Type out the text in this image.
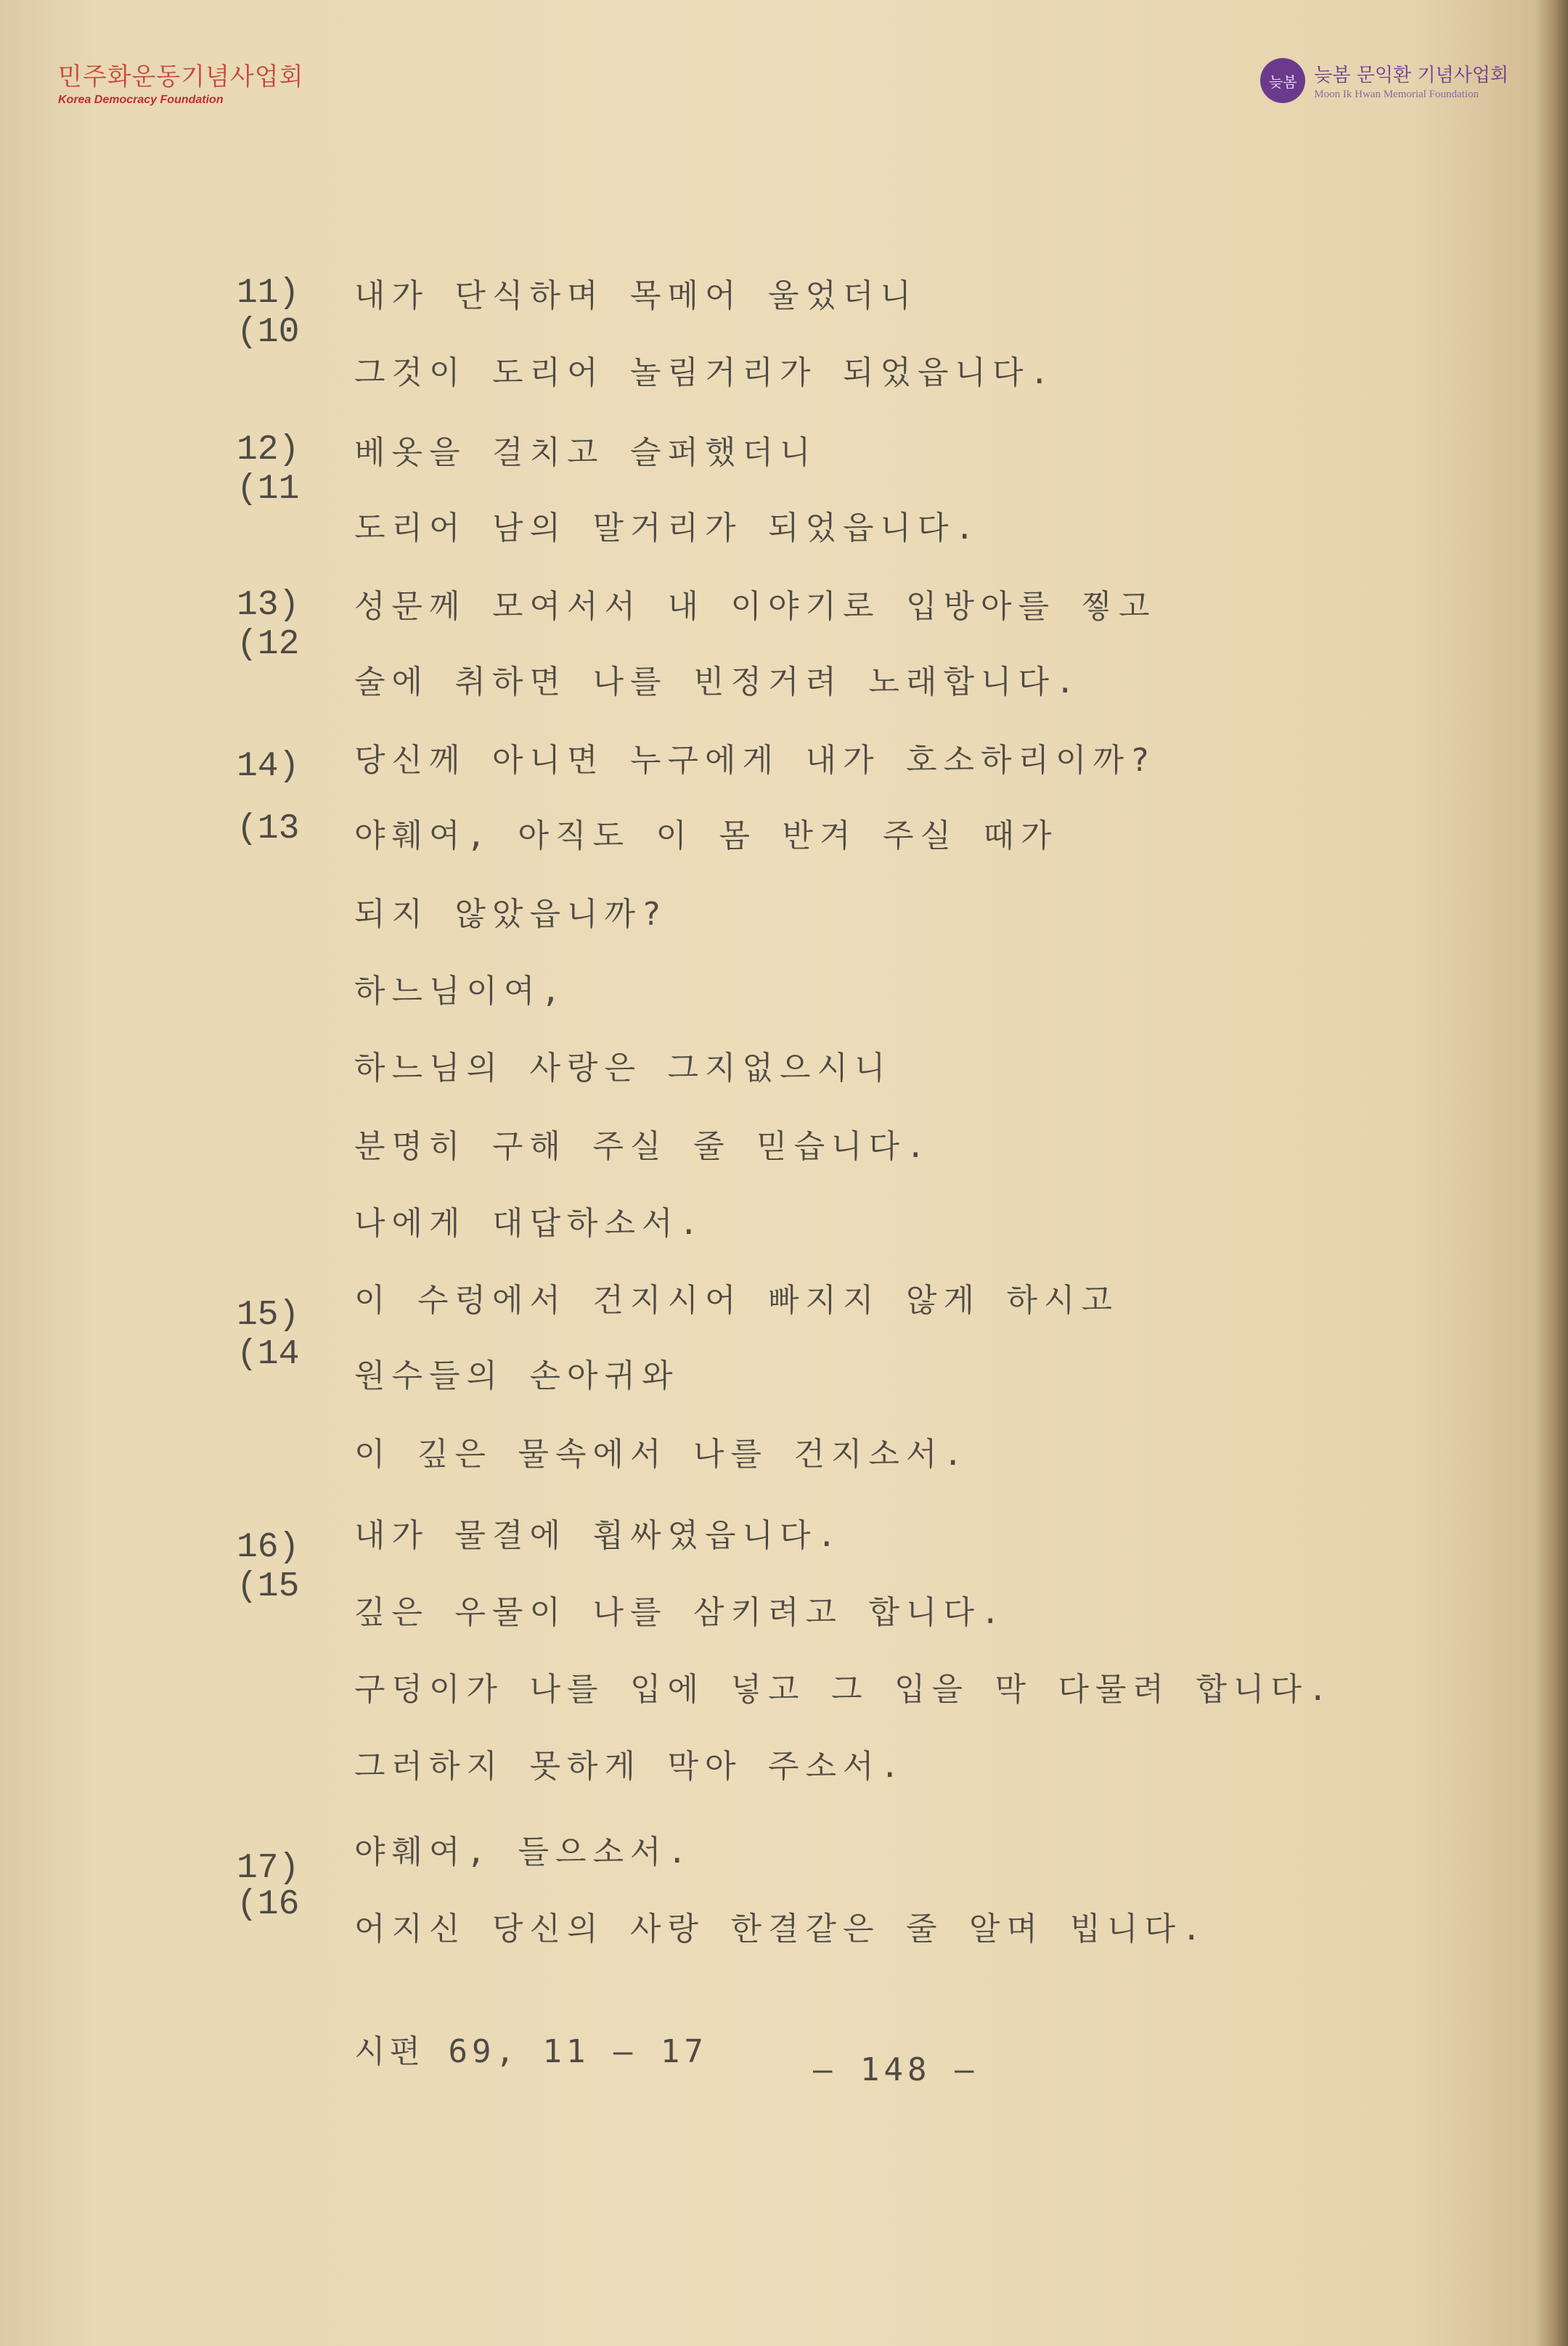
민주화운동기념사업회
Korea Democracy Foundation
늦봄 늦봄 문익환 기념사업회
Moon Ik Hwan Memorial Foundation
11)
(10
내가 단식하며 목메어 울었더니
그것이 도리어 놀림거리가 되었읍니다.
12)
(11
베옷을 걸치고 슬퍼했더니
도리어 남의 말거리가 되었읍니다.
13)
(12
성문께 모여서서 내 이야기로 입방아를 찧고
술에 취하면 나를 빈정거려 노래합니다.
14)
(13
당신께 아니면 누구에게 내가 호소하리이까?
야훼여, 아직도 이 몸 반겨 주실 때가
되지 않았읍니까?
하느님이여,
하느님의 사랑은 그지없으시니
분명히 구해 주실 줄 믿습니다.
나에게 대답하소서.
15)
(14
이 수렁에서 건지시어 빠지지 않게 하시고
원수들의 손아귀와
이 깊은 물속에서 나를 건지소서.
16)
(15
내가 물결에 휩싸였읍니다.
깊은 우물이 나를 삼키려고 합니다.
구덩이가 나를 입에 넣고 그 입을 막 다물려 합니다.
그러하지 못하게 막아 주소서.
17)
(16
야훼여, 들으소서.
어지신 당신의 사랑 한결같은 줄 알며 빕니다.
시편 69, 11 — 17	— 148 —
